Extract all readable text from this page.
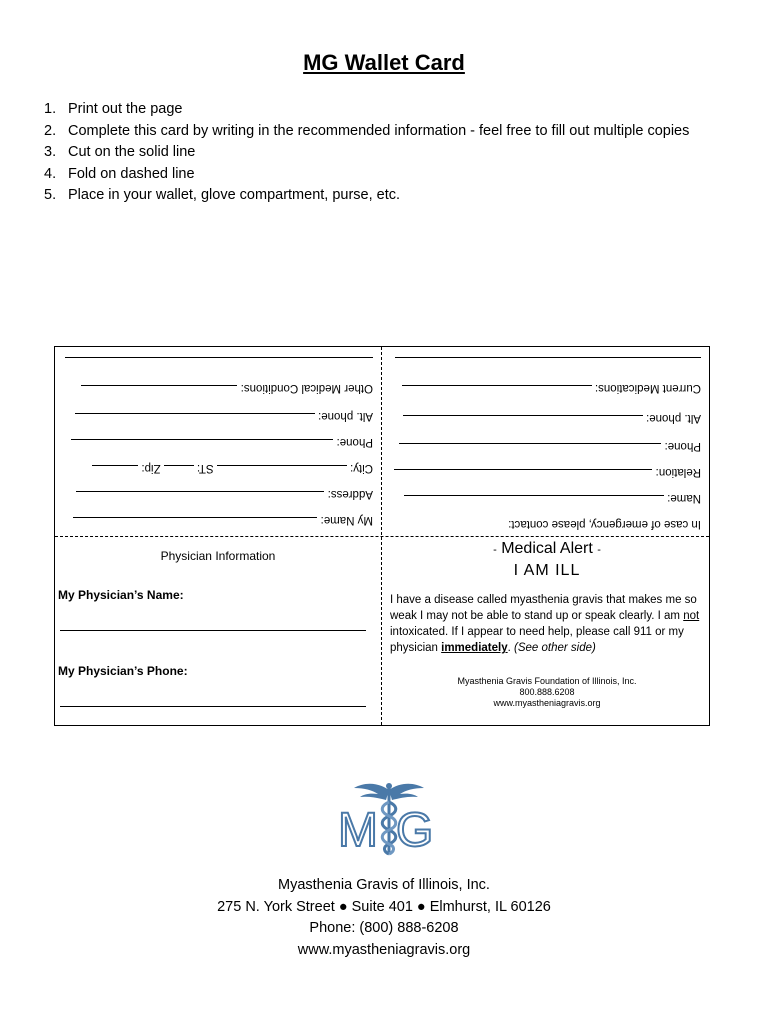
MG Wallet Card
1. Print out the page
2. Complete this card by writing in the recommended information - feel free to fill out multiple copies
3. Cut on the solid line
4. Fold on dashed line
5. Place in your wallet, glove compartment, purse, etc.
In case of emergency, please contact:
Name:
Relation:
Phone:
Alt. phone:
Current Medications:
My Name:
Address:
City:  ST:  Zip:
Phone:
Alt. phone:
Other Medical Conditions:
Physician Information
My Physician’s Name:
My Physician’s Phone:
- Medical Alert -
I AM ILL
I have a disease called myasthenia gravis that makes me so weak I may not be able to stand up or speak clearly. I am not intoxicated. If I appear to need help, please call 911 or my physician immediately. (See other side)
Myasthenia Gravis Foundation of Illinois, Inc.
800.888.6208
www.myastheniagravis.org
M G
Myasthenia Gravis of Illinois, Inc.
275 N. York Street ● Suite 401 ● Elmhurst, IL 60126
Phone: (800) 888-6208
www.myastheniagravis.org
